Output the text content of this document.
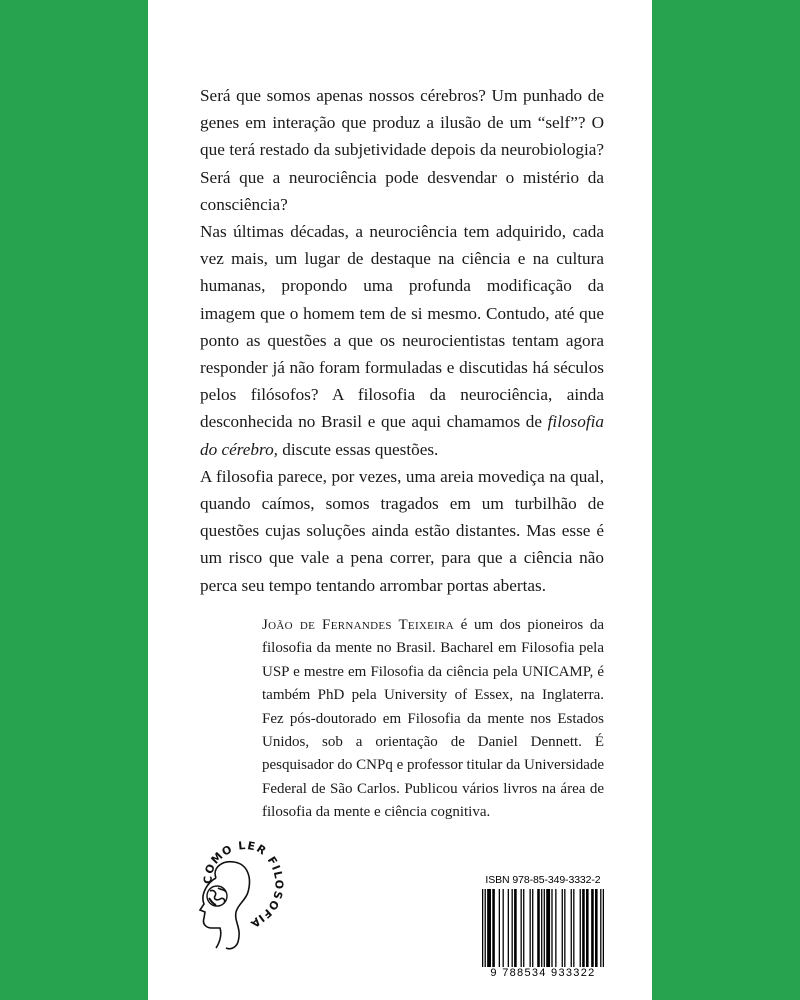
Será que somos apenas nossos cérebros? Um punhado de genes em interação que produz a ilusão de um “self”? O que terá restado da subjetividade depois da neurobiologia? Será que a neurociência pode desvendar o mistério da consciência?

Nas últimas décadas, a neurociência tem adquirido, cada vez mais, um lugar de destaque na ciência e na cultura humanas, propondo uma profunda modificação da imagem que o homem tem de si mesmo. Contudo, até que ponto as questões a que os neurocientistas tentam agora responder já não foram formuladas e discutidas há séculos pelos filósofos? A filosofia da neurociência, ainda desconhecida no Brasil e que aqui chamamos de filosofia do cérebro, discute essas questões.

A filosofia parece, por vezes, uma areia movediça na qual, quando caímos, somos tragados em um turbilhão de questões cujas soluções ainda estão distantes. Mas esse é um risco que vale a pena correr, para que a ciência não perca seu tempo tentando arrombar portas abertas.

João de Fernandes Teixeira é um dos pioneiros da filosofia da mente no Brasil. Bacharel em Filosofia pela USP e mestre em Filosofia da ciência pela UNICAMP, é também PhD pela University of Essex, na Inglaterra. Fez pós-doutorado em Filosofia da mente nos Estados Unidos, sob a orientação de Daniel Dennett. É pesquisador do CNPq e professor titular da Universidade Federal de São Carlos. Publicou vários livros na área de filosofia da mente e ciência cognitiva.

COMO LER FILOSOFIA
ISBN 978-85-349-3332-2
9 788534 933322
